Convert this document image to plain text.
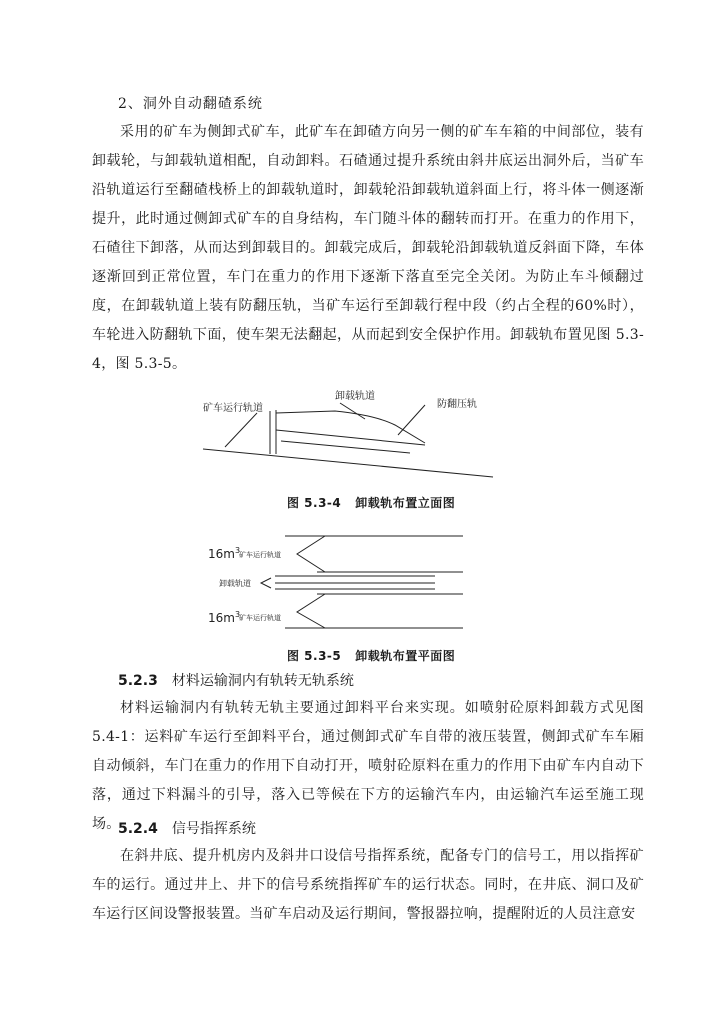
2、洞外自动翻碴系统

采用的矿车为侧卸式矿车，此矿车在卸碴方向另一侧的矿车车箱的中间部位，装有卸载轮，与卸载轨道相配，自动卸料。石碴通过提升系统由斜井底运出洞外后，当矿车沿轨道运行至翻碴栈桥上的卸载轨道时，卸载轮沿卸载轨道斜面上行，将斗体一侧逐渐提升，此时通过侧卸式矿车的自身结构，车门随斗体的翻转而打开。在重力的作用下，石碴往下卸落，从而达到卸载目的。卸载完成后，卸载轮沿卸载轨道反斜面下降，车体逐渐回到正常位置，车门在重力的作用下逐渐下落直至完全关闭。为防止车斗倾翻过度，在卸载轨道上装有防翻压轨，当矿车运行至卸载行程中段（约占全程的60%时），车轮进入防翻轨下面，使车架无法翻起，从而起到安全保护作用。卸载轨布置见图 5.3-4，图 5.3-5。

矿车运行轨道
卸载轨道
防翻压轨
图 5.3-4 卸载轨布置立面图
$16m^3$
矿车运行轨道
卸载轨道
$16m^3$
矿车运行轨道
图 5.3-5 卸载轨布置平面图
5.2.3 材料运输洞内有轨转无轨系统

材料运输洞内有轨转无轨主要通过卸料平台来实现。如喷射砼原料卸载方式见图 5.4-1：运料矿车运行至卸料平台，通过侧卸式矿车自带的液压装置，侧卸式矿车车厢自动倾斜，车门在重力的作用下自动打开，喷射砼原料在重力的作用下由矿车内自动下落，通过下料漏斗的引导，落入已等候在下方的运输汽车内，由运输汽车运至施工现场。

5.2.4 信号指挥系统

在斜井底、提升机房内及斜井口设信号指挥系统，配备专门的信号工，用以指挥矿车的运行。通过井上、井下的信号系统指挥矿车的运行状态。同时，在井底、洞口及矿车运行区间设警报装置。当矿车启动及运行期间，警报器拉响，提醒附近的人员注意安
